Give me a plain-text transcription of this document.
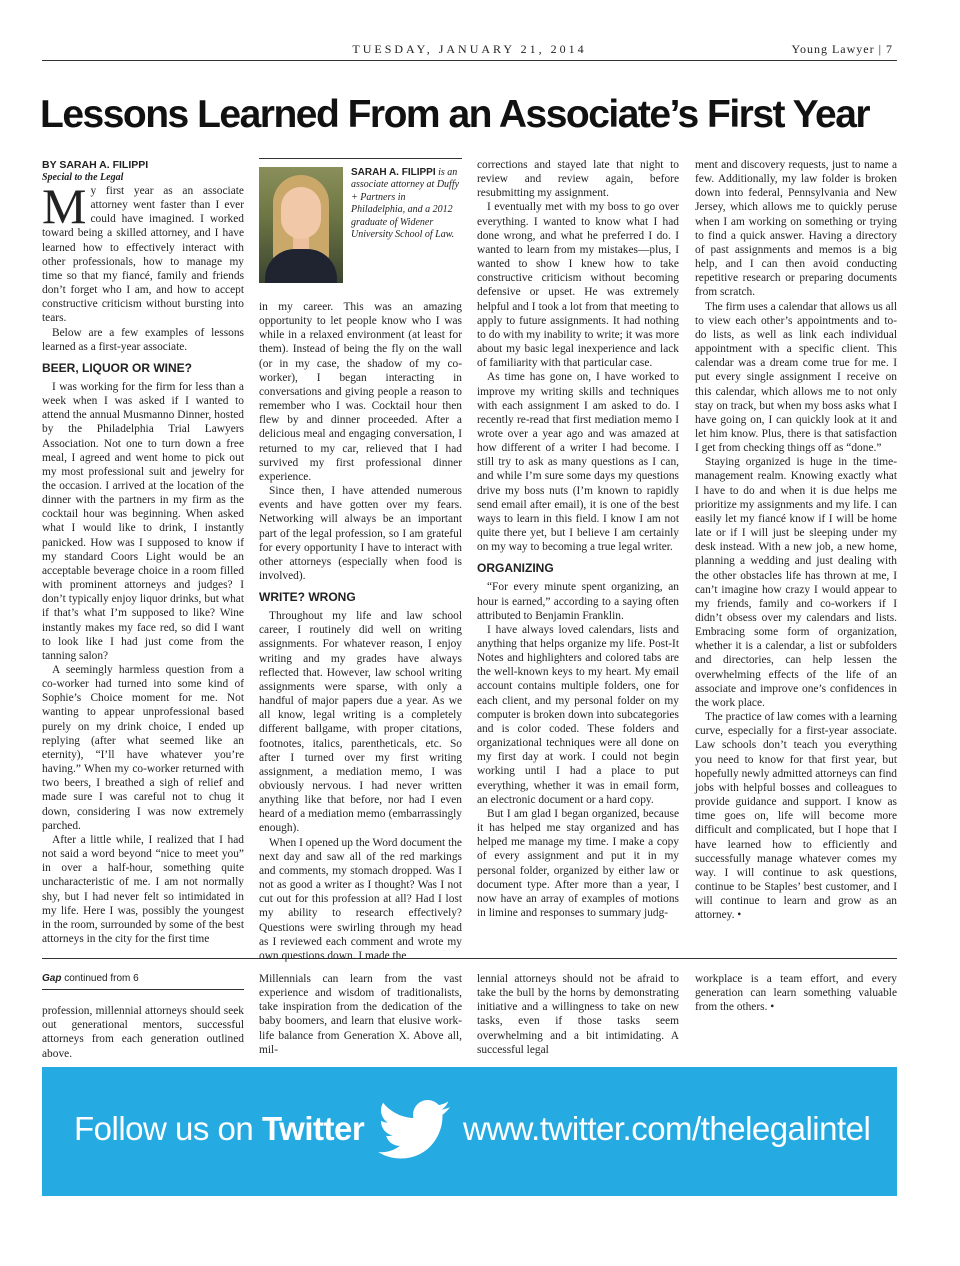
TUESDAY, JANUARY 21, 2014	Young Lawyer | 7
Lessons Learned From an Associate’s First Year

BY SARAH A. FILIPPI

Special to the Legal

My first year as an associate attorney went faster than I ever could have imagined. I worked toward being a skilled attorney, and I have learned how to effectively interact with other professionals, how to manage my time so that my fiancé, family and friends don’t forget who I am, and how to accept constructive criticism without bursting into tears.

Below are a few examples of lessons learned as a first-year associate.

BEER, LIQUOR OR WINE?

I was working for the firm for less than a week when I was asked if I wanted to attend the annual Musmanno Dinner, hosted by the Philadelphia Trial Lawyers Association. Not one to turn down a free meal, I agreed and went home to pick out my most professional suit and jewelry for the occasion. I arrived at the location of the dinner with the partners in my firm as the cocktail hour was beginning. When asked what I would like to drink, I instantly panicked. How was I supposed to know if my standard Coors Light would be an acceptable beverage choice in a room filled with prominent attorneys and judges? I don’t typically enjoy liquor drinks, but what if that’s what I’m supposed to like? Wine instantly makes my face red, so did I want to look like I had just come from the tanning salon?

A seemingly harmless question from a co-worker had turned into some kind of Sophie’s Choice moment for me. Not wanting to appear unprofessional based purely on my drink choice, I ended up replying (after what seemed like an eternity), “I’ll have whatever you’re having.” When my co-worker returned with two beers, I breathed a sigh of relief and made sure I was careful not to chug it down, considering I was now extremely parched.

After a little while, I realized that I had not said a word beyond “nice to meet you” in over a half-hour, something quite uncharacteristic of me. I am not normally shy, but I had never felt so intimidated in my life. Here I was, possibly the youngest in the room, surrounded by some of the best attorneys in the city for the first time

SARAH A. FILIPPI is an associate attorney at Duffy + Partners in Philadelphia, and a 2012 graduate of Widener University School of Law.

in my career. This was an amazing opportunity to let people know who I was while in a relaxed environment (at least for them). Instead of being the fly on the wall (or in my case, the shadow of my co-worker), I began interacting in conversations and giving people a reason to remember who I was. Cocktail hour then flew by and dinner proceeded. After a delicious meal and engaging conversation, I returned to my car, relieved that I had survived my first professional dinner experience.

Since then, I have attended numerous events and have gotten over my fears. Networking will always be an important part of the legal profession, so I am grateful for every opportunity I have to interact with other attorneys (especially when food is involved).

WRITE? WRONG

Throughout my life and law school career, I routinely did well on writing assignments. For whatever reason, I enjoy writing and my grades have always reflected that. However, law school writing assignments were sparse, with only a handful of major papers due a year. As we all know, legal writing is a completely different ballgame, with proper citations, footnotes, italics, parentheticals, etc. So after I turned over my first writing assignment, a mediation memo, I was obviously nervous. I had never written anything like that before, nor had I even heard of a mediation memo (embarrassingly enough).

When I opened up the Word document the next day and saw all of the red markings and comments, my stomach dropped. Was I not as good a writer as I thought? Was I not cut out for this profession at all? Had I lost my ability to research effectively? Questions were swirling through my head as I reviewed each comment and wrote my own questions down. I made the

corrections and stayed late that night to review and review again, before resubmitting my assignment.

I eventually met with my boss to go over everything. I wanted to know what I had done wrong, and what he preferred I do. I wanted to learn from my mistakes—plus, I wanted to show I knew how to take constructive criticism without becoming defensive or upset. He was extremely helpful and I took a lot from that meeting to apply to future assignments. It had nothing to do with my inability to write; it was more about my basic legal inexperience and lack of familiarity with that particular case.

As time has gone on, I have worked to improve my writing skills and techniques with each assignment I am asked to do. I recently re-read that first mediation memo I wrote over a year ago and was amazed at how different of a writer I had become. I still try to ask as many questions as I can, and while I’m sure some days my questions drive my boss nuts (I’m known to rapidly send email after email), it is one of the best ways to learn in this field. I know I am not quite there yet, but I believe I am certainly on my way to becoming a true legal writer.

ORGANIZING

“For every minute spent organizing, an hour is earned,” according to a saying often attributed to Benjamin Franklin.

I have always loved calendars, lists and anything that helps organize my life. Post-It Notes and highlighters and colored tabs are the well-known keys to my heart. My email account contains multiple folders, one for each client, and my personal folder on my computer is broken down into subcategories and is color coded. These folders and organizational techniques were all done on my first day at work. I could not begin working until I had a place to put everything, whether it was in email form, an electronic document or a hard copy.

But I am glad I began organized, because it has helped me stay organized and has helped me manage my time. I make a copy of every assignment and put it in my personal folder, organized by either law or document type. After more than a year, I now have an array of examples of motions in limine and responses to summary judg-

ment and discovery requests, just to name a few. Additionally, my law folder is broken down into federal, Pennsylvania and New Jersey, which allows me to quickly peruse when I am working on something or trying to find a quick answer. Having a directory of past assignments and memos is a big help, and I can then avoid conducting repetitive research or preparing documents from scratch.

The firm uses a calendar that allows us all to view each other’s appointments and to-do lists, as well as link each individual appointment with a specific client. This calendar was a dream come true for me. I put every single assignment I receive on this calendar, which allows me to not only stay on track, but when my boss asks what I have going on, I can quickly look at it and let him know. Plus, there is that satisfaction I get from checking things off as “done.”

Staying organized is huge in the time-management realm. Knowing exactly what I have to do and when it is due helps me prioritize my assignments and my life. I can easily let my fiancé know if I will be home late or if I will just be sleeping under my desk instead. With a new job, a new home, planning a wedding and just dealing with the other obstacles life has thrown at me, I can’t imagine how crazy I would appear to my friends, family and co-workers if I didn’t obsess over my calendars and lists. Embracing some form of organization, whether it is a calendar, a list or subfolders and directories, can help lessen the overwhelming effects of the life of an associate and improve one’s confidences in the work place.

The practice of law comes with a learning curve, especially for a first-year associate. Law schools don’t teach you everything you need to know for that first year, but hopefully newly admitted attorneys can find jobs with helpful bosses and colleagues to provide guidance and support. I know as time goes on, life will become more difficult and complicated, but I hope that I have learned how to efficiently and successfully manage whatever comes my way. I will continue to ask questions, continue to be Staples’ best customer, and I will continue to learn and grow as an attorney. •

Gap continued from 6

profession, millennial attorneys should seek out generational mentors, successful attorneys from each generation outlined above.

Millennials can learn from the vast experience and wisdom of traditionalists, take inspiration from the dedication of the baby boomers, and learn that elusive work-life balance from Generation X. Above all, mil-

lennial attorneys should not be afraid to take the bull by the horns by demonstrating initiative and a willingness to take on new tasks, even if those tasks seem overwhelming and a bit intimidating. A successful legal

workplace is a team effort, and every generation can learn something valuable from the others. •

Follow us on Twitter	www.twitter.com/thelegalintel
